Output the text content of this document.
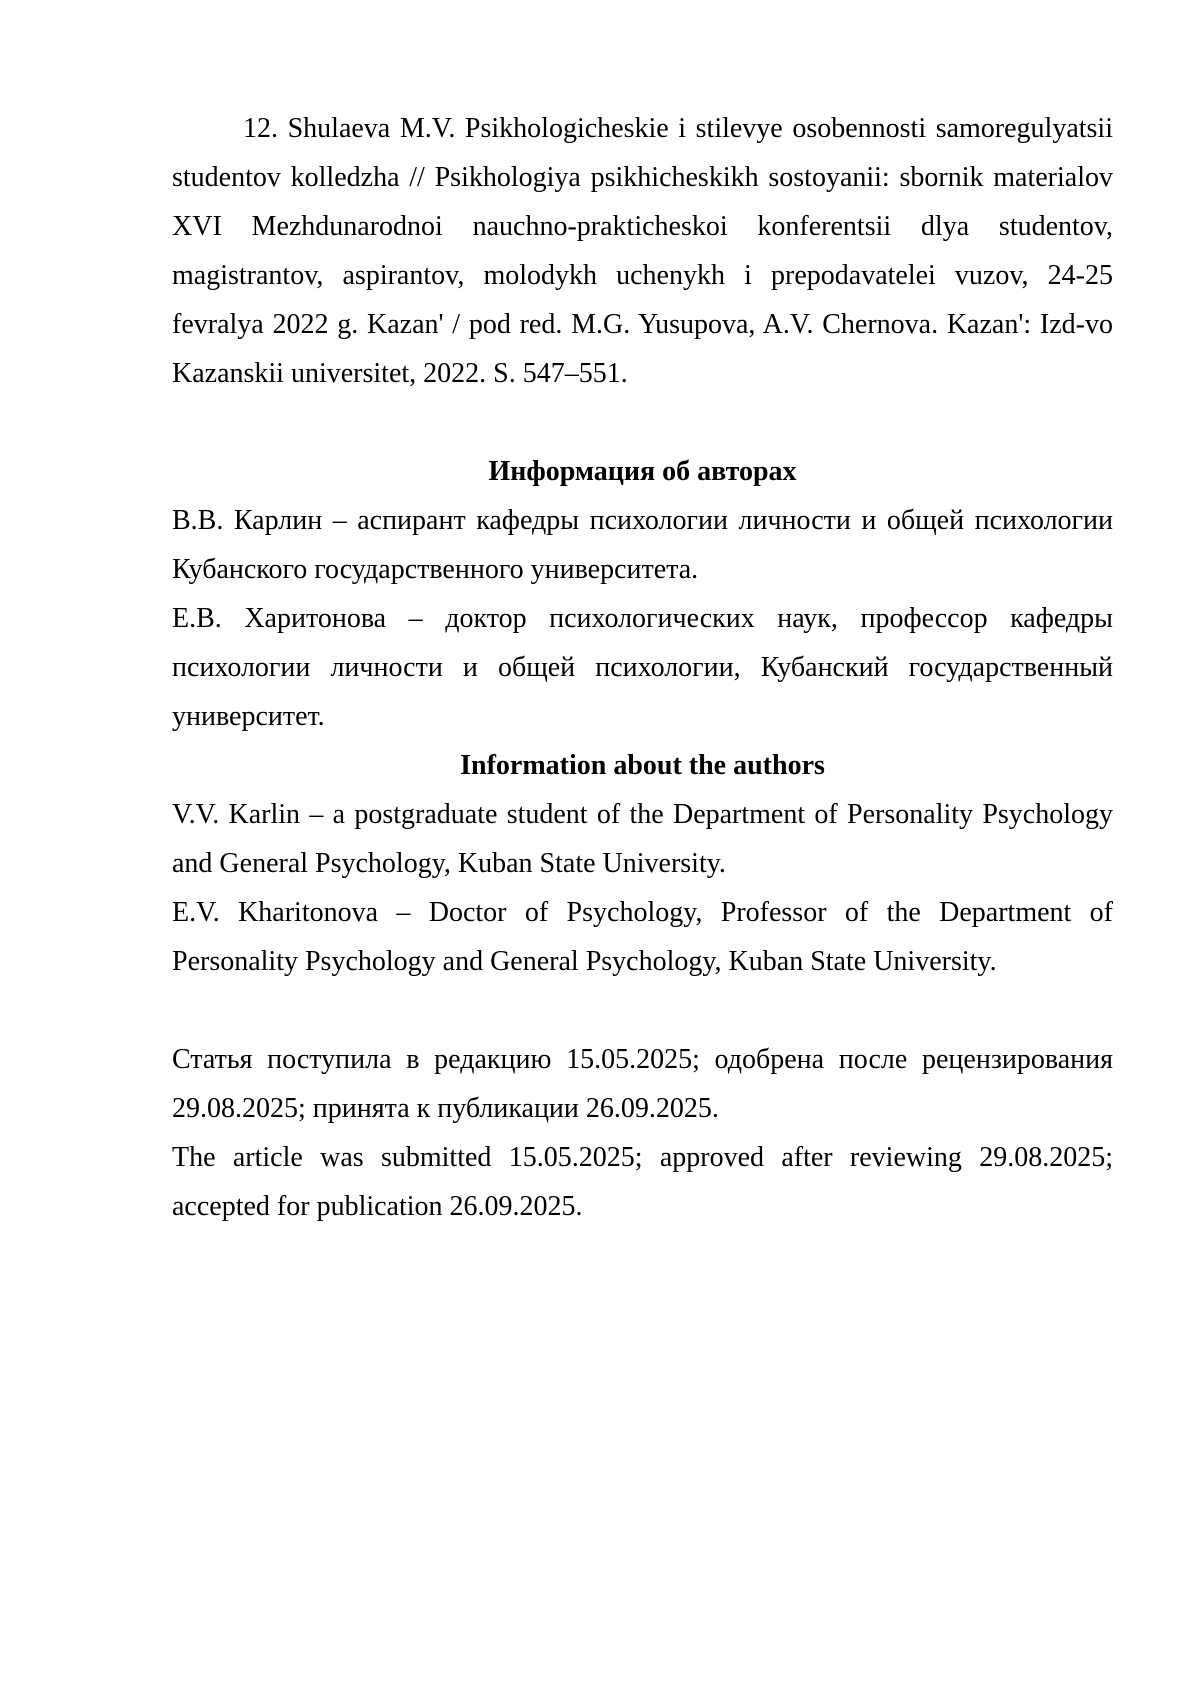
12. Shulaeva M.V. Psikhologicheskie i stilevye osobennosti samoregulyatsii studentov kolledzha // Psikhologiya psikhicheskikh sostoyanii: sbornik materialov XVI Mezhdunarodnoi nauchno-prakticheskoi konferentsii dlya studentov, magistrantov, aspirantov, molodykh uchenykh i prepodavatelei vuzov, 24-25 fevralya 2022 g. Kazan' / pod red. M.G. Yusupova, A.V. Chernova. Kazan': Izd-vo Kazanskii universitet, 2022. S. 547–551.

Информация об авторах

В.В. Карлин – аспирант кафедры психологии личности и общей психологии Кубанского государственного университета.

Е.В. Харитонова – доктор психологических наук, профессор кафедры психологии личности и общей психологии, Кубанский государственный университет.

Information about the authors

V.V. Karlin – a postgraduate student of the Department of Personality Psychology and General Psychology, Kuban State University.

E.V. Kharitonova – Doctor of Psychology, Professor of the Department of Personality Psychology and General Psychology, Kuban State University.

Статья поступила в редакцию 15.05.2025; одобрена после рецензирования 29.08.2025; принята к публикации 26.09.2025.

The article was submitted 15.05.2025; approved after reviewing 29.08.2025; accepted for publication 26.09.2025.
